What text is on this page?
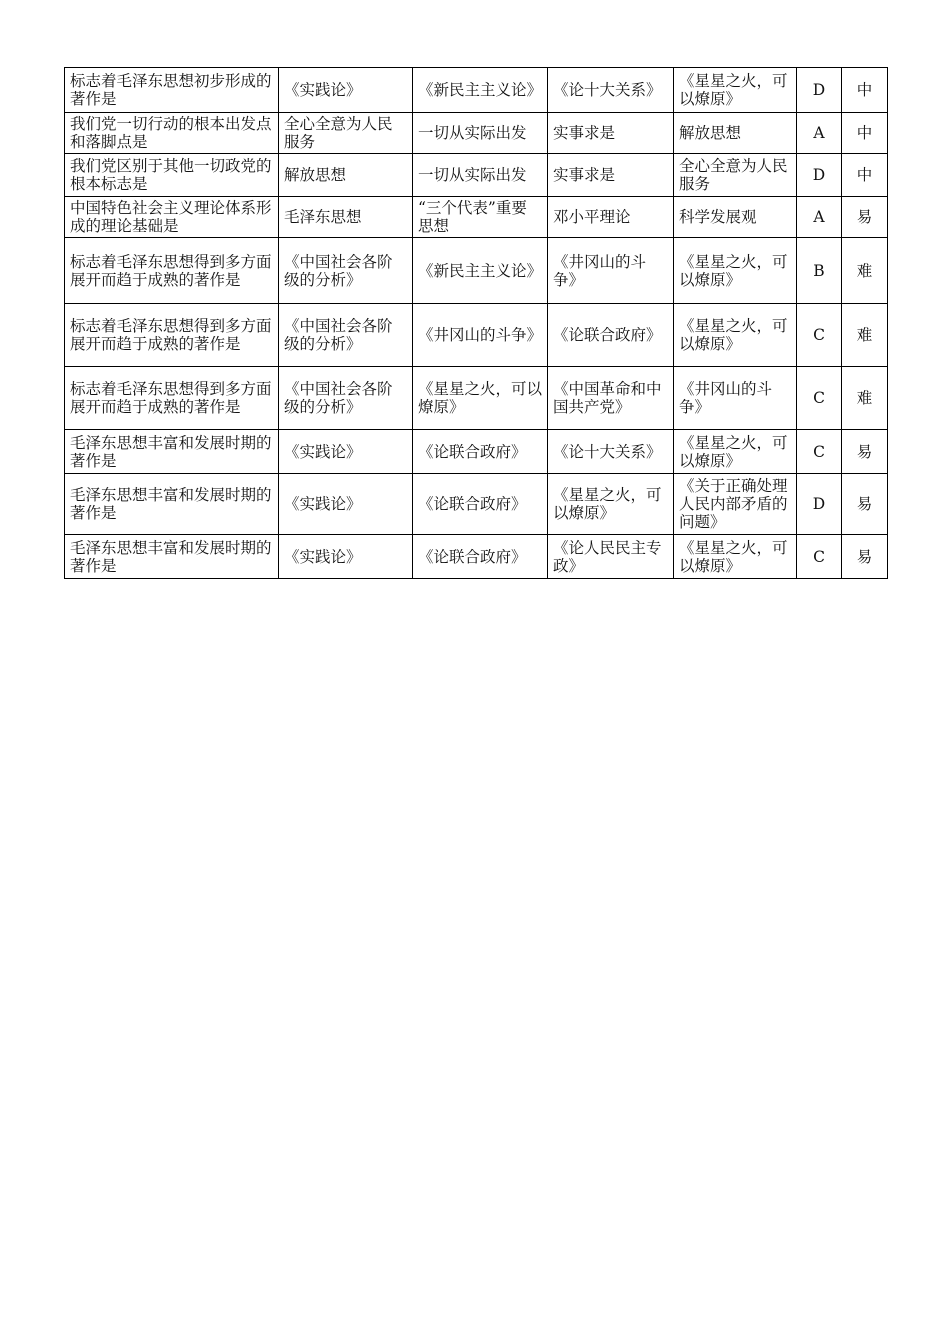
标志着毛泽东思想初步形成的著作是	《实践论》	《新民主主义论》	《论十大关系》	《星星之火，可以燎原》	D	中
我们党一切行动的根本出发点和落脚点是	全心全意为人民服务	一切从实际出发	实事求是	解放思想	A	中
我们党区别于其他一切政党的根本标志是	解放思想	一切从实际出发	实事求是	全心全意为人民服务	D	中
中国特色社会主义理论体系形成的理论基础是	毛泽东思想	“三个代表”重要思想	邓小平理论	科学发展观	A	易
标志着毛泽东思想得到多方面展开而趋于成熟的著作是	《中国社会各阶级的分析》	《新民主主义论》	《井冈山的斗争》	《星星之火，可以燎原》	B	难
标志着毛泽东思想得到多方面展开而趋于成熟的著作是	《中国社会各阶级的分析》	《井冈山的斗争》	《论联合政府》	《星星之火，可以燎原》	C	难
标志着毛泽东思想得到多方面展开而趋于成熟的著作是	《中国社会各阶级的分析》	《星星之火，可以燎原》	《中国革命和中国共产党》	《井冈山的斗争》	C	难
毛泽东思想丰富和发展时期的著作是	《实践论》	《论联合政府》	《论十大关系》	《星星之火，可以燎原》	C	易
毛泽东思想丰富和发展时期的著作是	《实践论》	《论联合政府》	《星星之火，可以燎原》	《关于正确处理人民内部矛盾的问题》	D	易
毛泽东思想丰富和发展时期的著作是	《实践论》	《论联合政府》	《论人民民主专政》	《星星之火，可以燎原》	C	易
